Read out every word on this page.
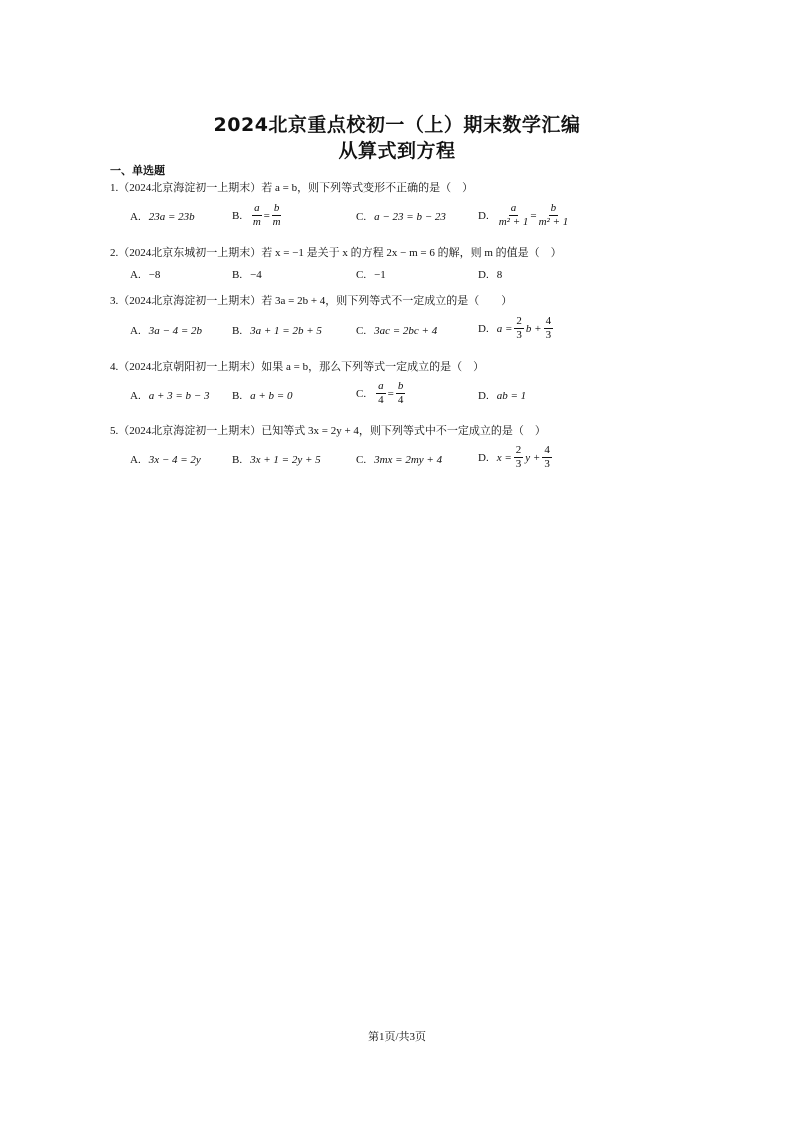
2024北京重点校初一（上）期末数学汇编
从算式到方程
一、单选题
1.（2024北京海淀初一上期末）若 a = b，则下列等式变形不正确的是（　）
A. 23a = 23b	B. $\frac{a}{m} = \frac{b}{m}$	C. a − 23 = b − 23	D. $\frac{a}{\text{m² + 1}} = \frac{b}{\text{m² + 1}}$
2.（2024北京东城初一上期末）若 x = −1 是关于 x 的方程 2x − m = 6 的解，则 m 的值是（　）
A. −8	B. −4	C. −1	D. 8
3.（2024北京海淀初一上期末）若 3a = 2b + 4，则下列等式不一定成立的是（　　）
A. 3a − 4 = 2b	B. 3a + 1 = 2b + 5	C. 3ac = 2bc + 4	D. $a = \frac{2}{3}$ $b + \frac{4}{3}$
4.（2024北京朝阳初一上期末）如果 a = b，那么下列等式一定成立的是（　）
A. a + 3 = b − 3 B. a + b = 0	C. $\frac{a}{4} = \frac{b}{4}$	D. ab = 1
5.（2024北京海淀初一上期末）已知等式 3x = 2y + 4，则下列等式中不一定成立的是（　）
A. 3x − 4 = 2y	B. 3x + 1 = 2y + 5	C. 3mx = 2my + 4	D. $x = \frac{2}{3}$ $y + \frac{4}{3}$
第1页/共3页
